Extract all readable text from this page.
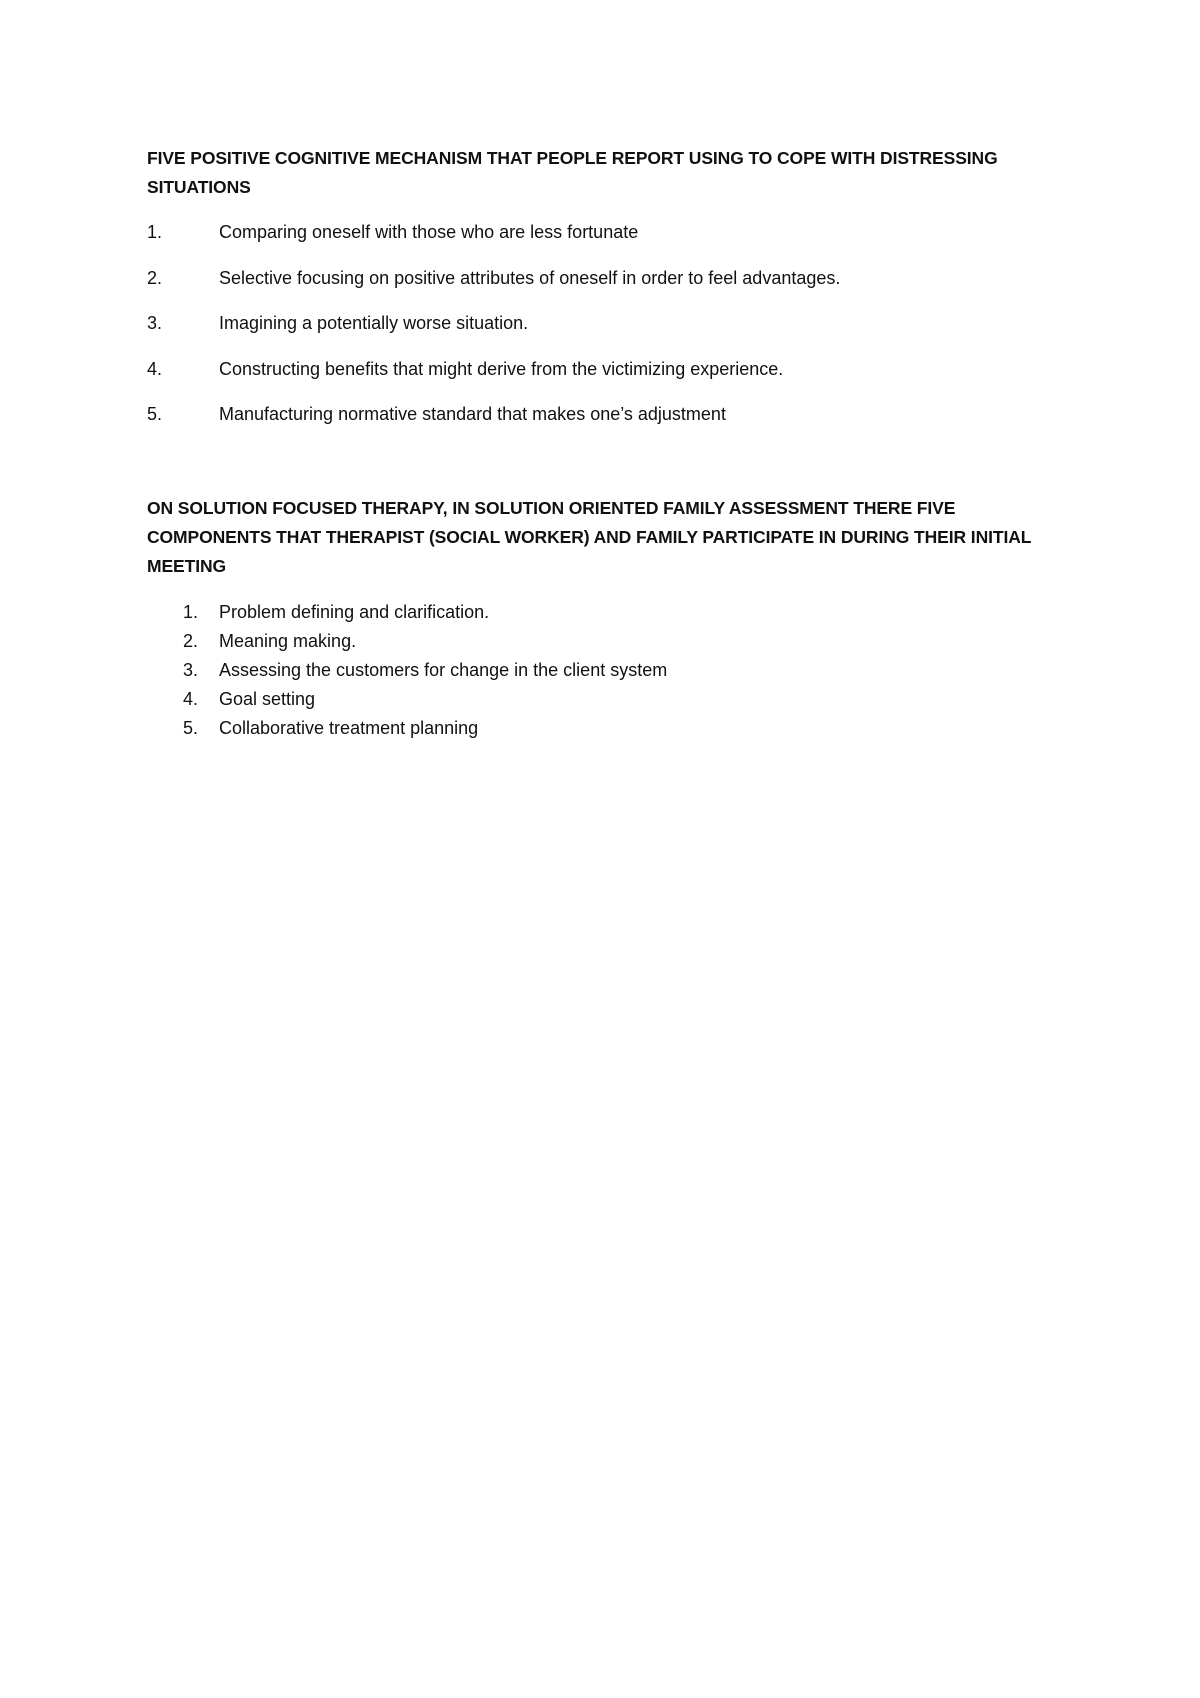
FIVE POSITIVE COGNITIVE MECHANISM THAT PEOPLE REPORT USING TO COPE WITH DISTRESSING SITUATIONS
1.	Comparing oneself with those who are less fortunate
2.	Selective focusing on positive attributes of oneself in order to feel advantages.
3.	Imagining a potentially worse situation.
4.	Constructing benefits that might derive from the victimizing experience.
5.	Manufacturing normative standard that makes one’s adjustment
ON SOLUTION FOCUSED THERAPY, IN SOLUTION ORIENTED FAMILY ASSESSMENT THERE FIVE COMPONENTS THAT THERAPIST (SOCIAL WORKER) AND FAMILY PARTICIPATE IN DURING THEIR INITIAL MEETING
1.	Problem defining and clarification.
2.	Meaning making.
3.	Assessing the customers for change in the client system
4.	Goal setting
5.	Collaborative treatment planning
